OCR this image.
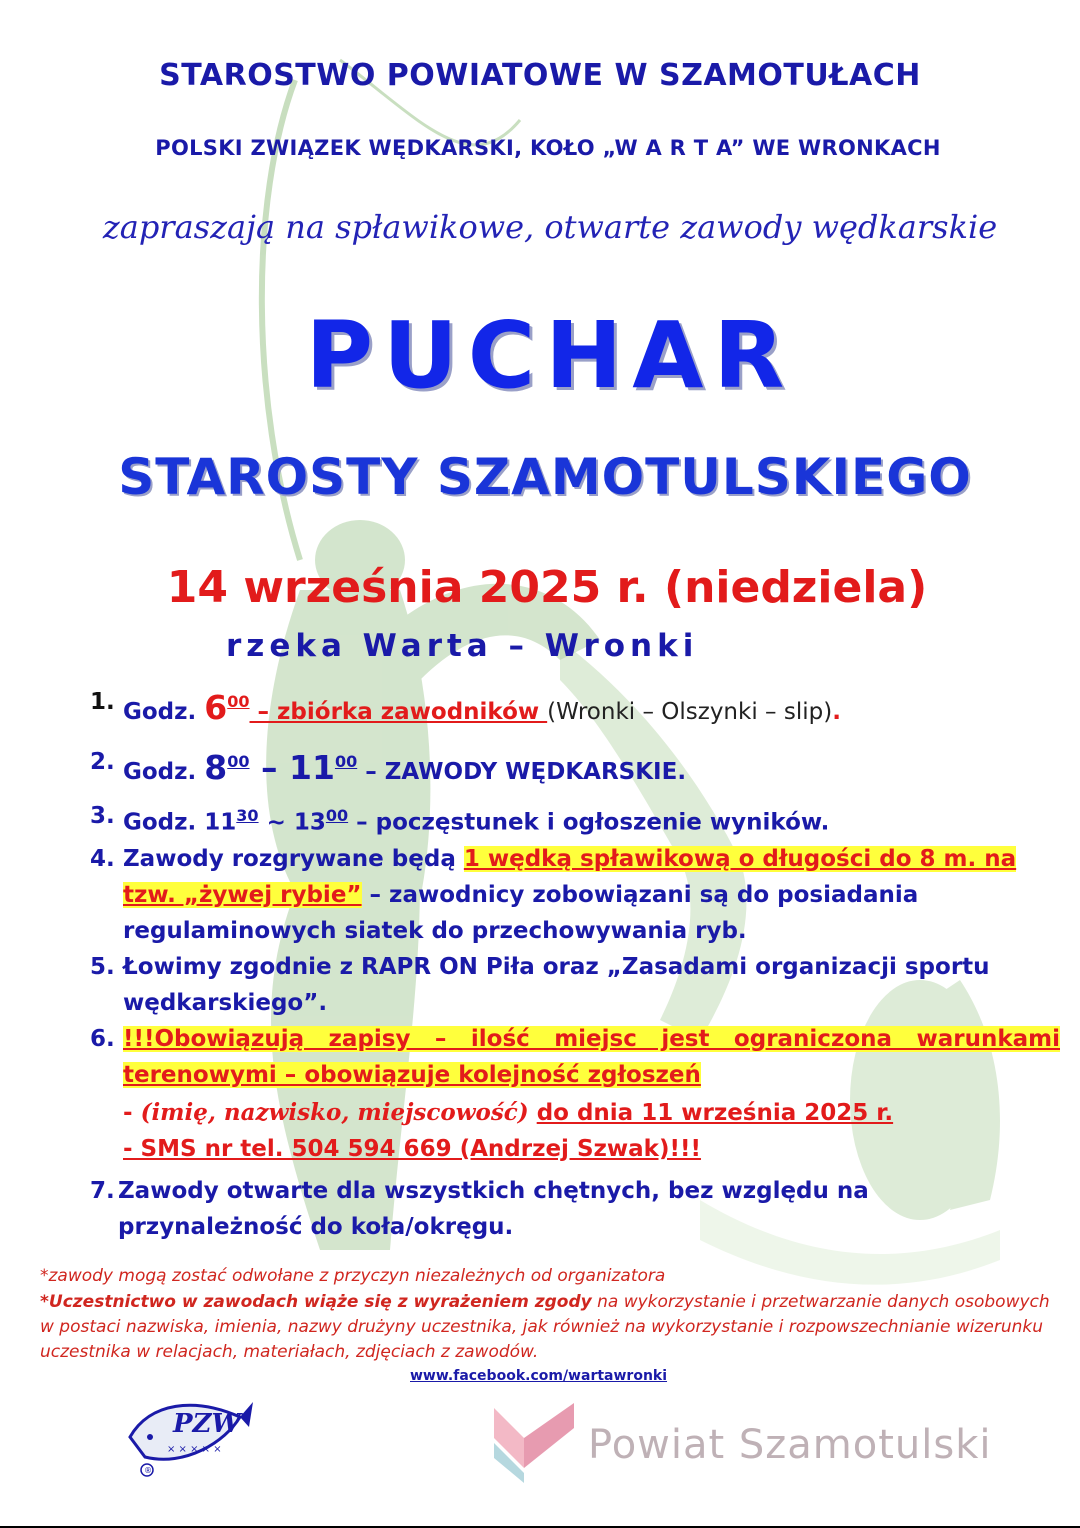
STAROSTWO POWIATOWE W SZAMOTUŁACH
POLSKI ZWIĄZEK WĘDKARSKI, KOŁO „W A R T A” WE WRONKACH
zapraszają na spławikowe, otwarte zawody wędkarskie
PUCHAR
STAROSTY SZAMOTULSKIEGO
14 września 2025 r. (niedziela)
rzeka Warta – Wronki
1. Godz. $6^{00}$ – zbiórka zawodników (Wronki – Olszynki – slip).
2. Godz. $8^{00} - 11^{00}$ – ZAWODY WĘDKARSKIE.
3. Godz. $11^{30}$ ~ $13^{00}$ – poczęstunek i ogłoszenie wyników.
4. Zawody rozgrywane będą 1 wędką spławikową o długości do 8 m. na tzw. „żywej rybie” – zawodnicy zobowiązani są do posiadania regulaminowych siatek do przechowywania ryb.
5. Łowimy zgodnie z RAPR ON Piła oraz „Zasadami organizacji sportu wędkarskiego”.
6. !!!Obowiązują zapisy – ilość miejsc jest ograniczona warunkami terenowymi – obowiązuje kolejność zgłoszeń
- (imię, nazwisko, miejscowość) do dnia 11 września 2025 r.
- SMS nr tel. 504 594 669 (Andrzej Szwak)!!!
7. Zawody otwarte dla wszystkich chętnych, bez względu na przynależność do koła/okręgu.
*zawody mogą zostać odwołane z przyczyn niezależnych od organizatora
*Uczestnictwo w zawodach wiąże się z wyrażeniem zgody na wykorzystanie i przetwarzanie danych osobowych w postaci nazwiska, imienia, nazwy drużyny uczestnika, jak również na wykorzystanie i rozpowszechnianie wizerunku uczestnika w relacjach, materiałach, zdjęciach z zawodów.
www.facebook.com/wartawronki
PZW
× × × × ×
®
Powiat Szamotulski
